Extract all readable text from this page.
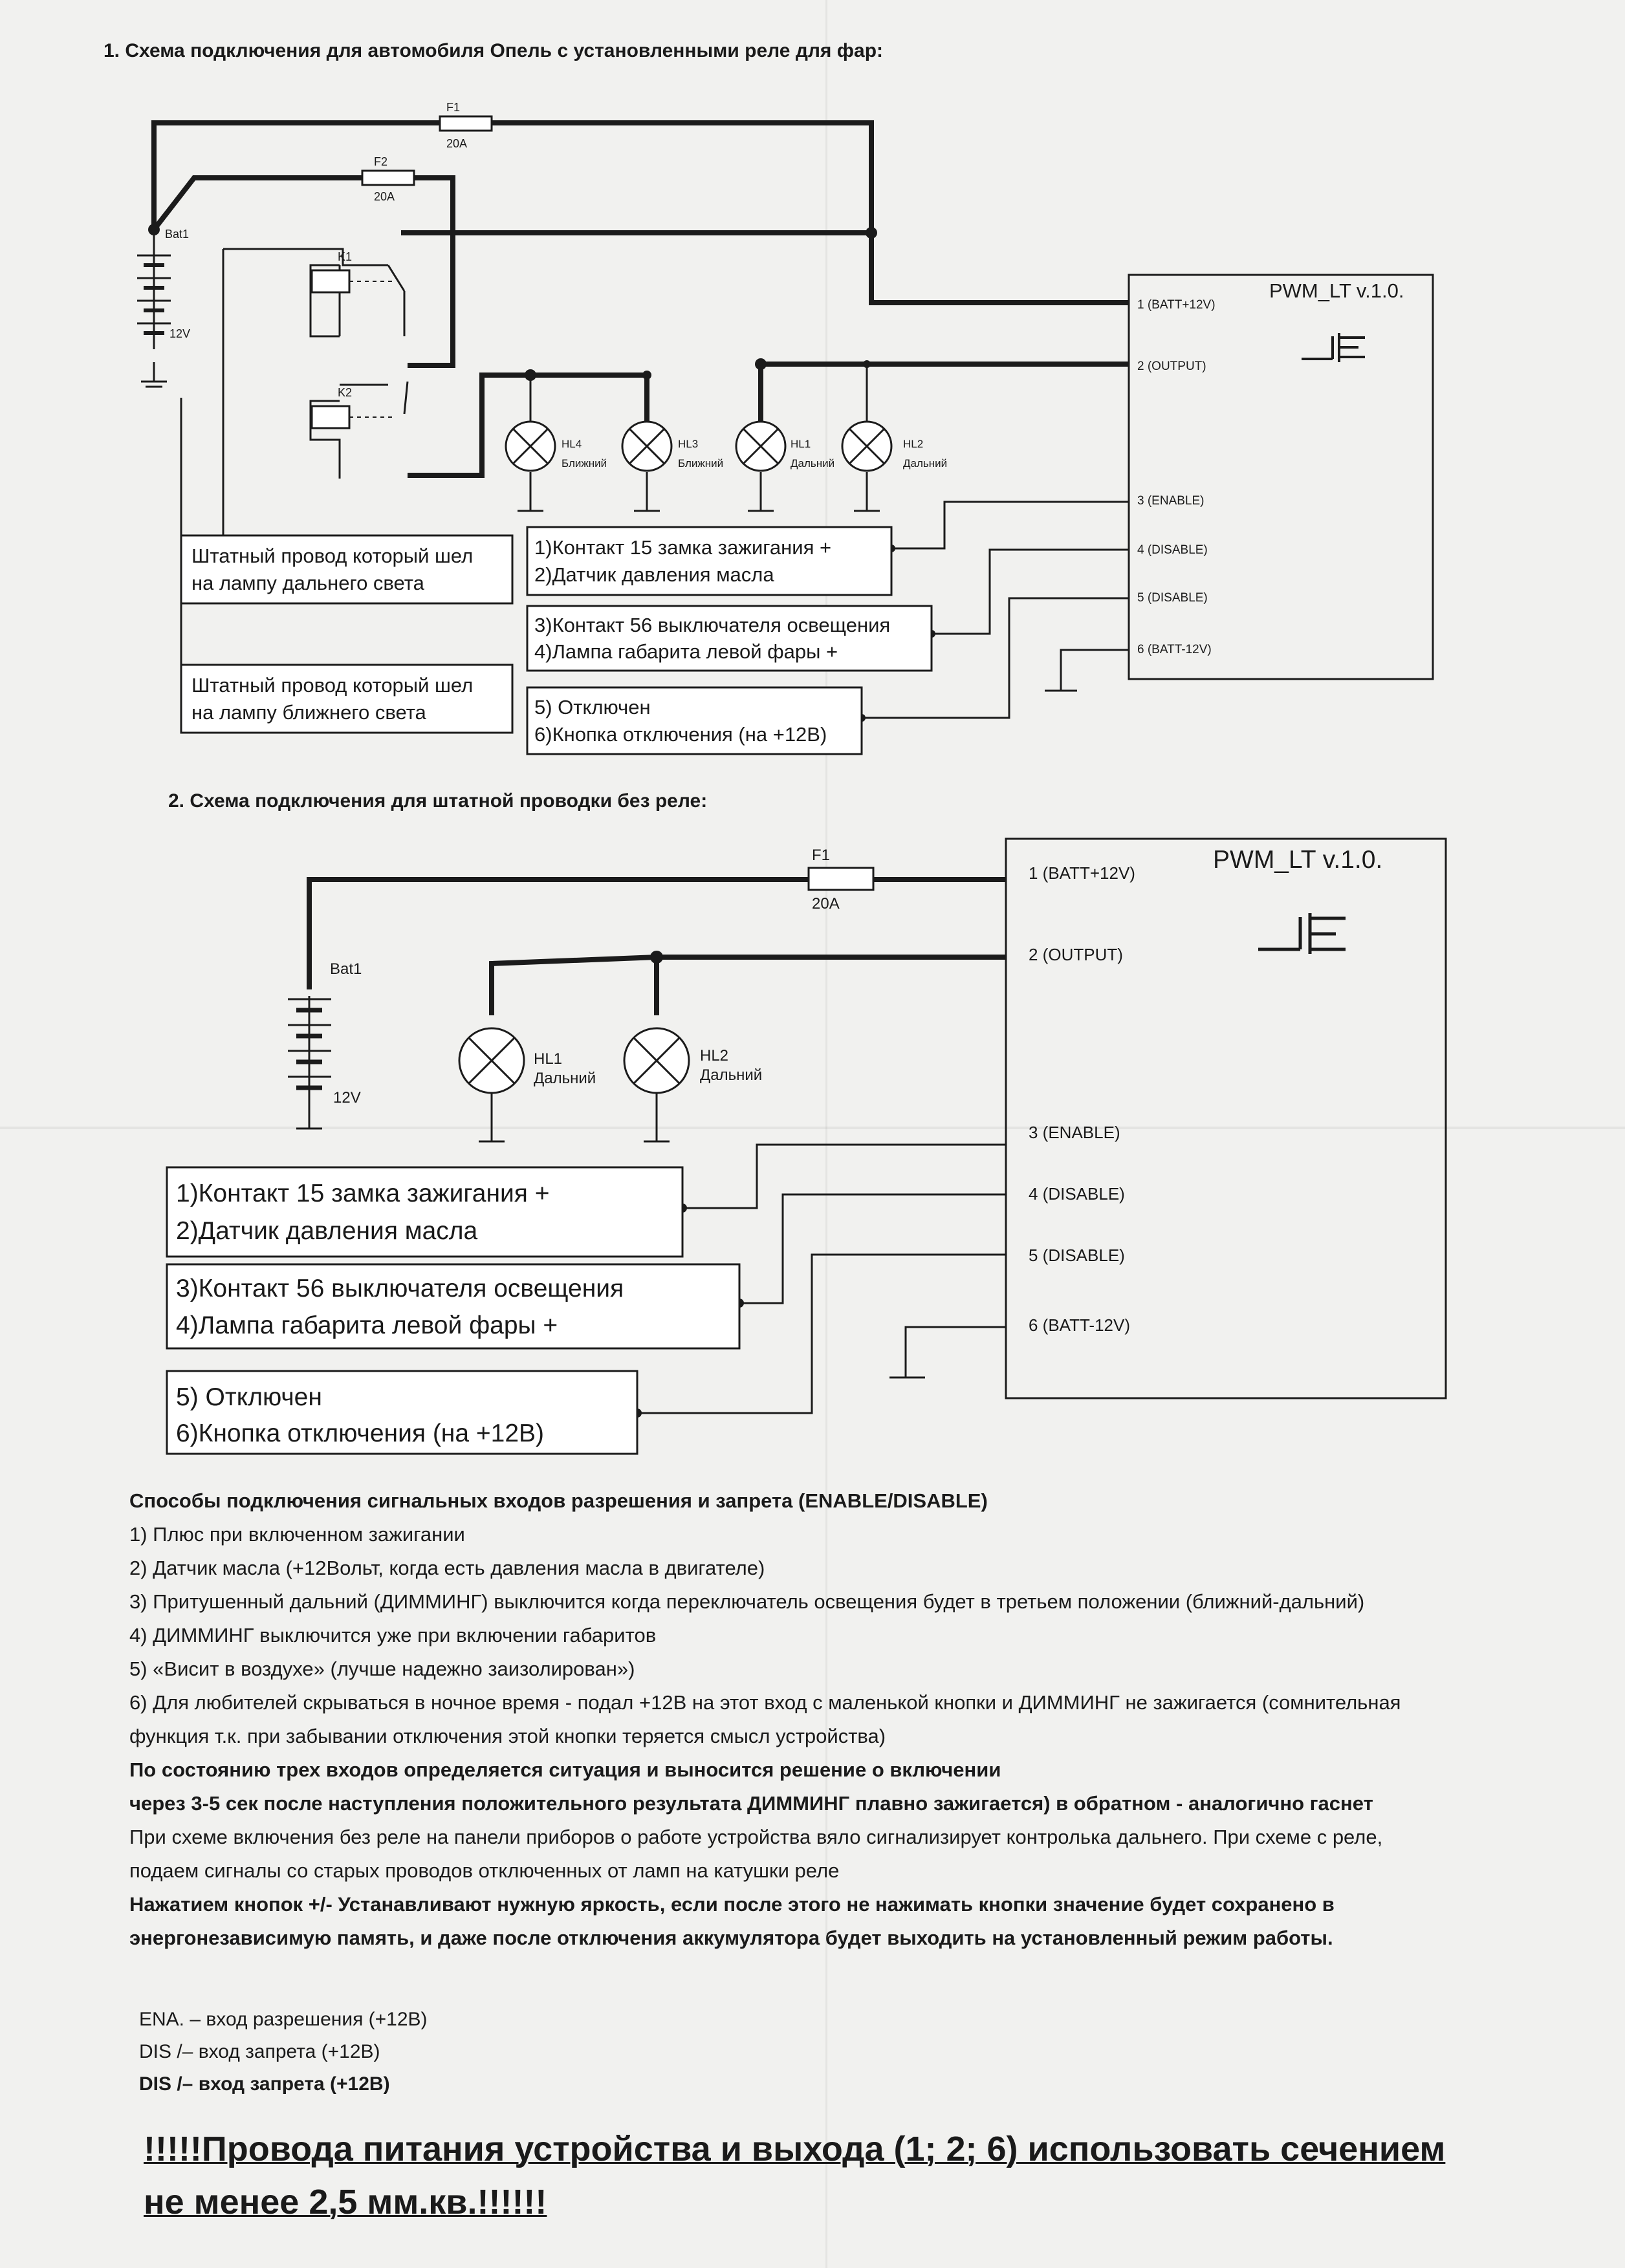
1. Схема подключения для автомобиля Опель с установленными реле для фар:
F1
20A
F2
20A
Bat1
12V
K1
K2
HL4
Ближний
HL3
Ближний
HL1
Дальний
HL2
Дальний
PWM_LT v.1.0.
1 (BATT+12V)
2 (OUTPUT)
3 (ENABLE)
4 (DISABLE)
5 (DISABLE)
6 (BATT-12V)
Штатный провод который шел
на лампу дальнего света
Штатный провод который шел
на лампу ближнего света
1)Контакт 15 замка зажигания +
2)Датчик давления масла
3)Контакт 56 выключателя освещения
4)Лампа габарита левой фары +
5) Отключен
6)Кнопка отключения (на +12В)
2. Схема подключения для штатной проводки без реле:
F1
20A
Bat1
12V
HL1
Дальний
HL2
Дальний
PWM_LT v.1.0.
1 (BATT+12V)
2 (OUTPUT)
3 (ENABLE)
4 (DISABLE)
5 (DISABLE)
6 (BATT-12V)
1)Контакт 15 замка зажигания +
2)Датчик давления масла
3)Контакт 56 выключателя освещения
4)Лампа габарита левой фары +
5) Отключен
6)Кнопка отключения (на +12В)
Способы подключения сигнальных входов разрешения и запрета (ENABLE/DISABLE)
1) Плюс при включенном зажигании
2) Датчик масла (+12Вольт, когда есть давления масла в двигателе)
3) Притушенный дальний (ДИММИНГ) выключится когда переключатель освещения будет в третьем положении (ближний-дальний)
4) ДИММИНГ выключится уже при включении габаритов
5) «Висит в воздухе» (лучше надежно заизолирован»)
6) Для любителей скрываться в ночное время - подал +12В на этот вход с маленькой кнопки и ДИММИНГ не зажигается (сомнительная
функция т.к. при забывании отключения этой кнопки теряется смысл устройства)
По состоянию трех входов определяется ситуация и выносится решение о включении
через 3-5 сек после наступления положительного результата ДИММИНГ плавно зажигается) в обратном - аналогично гаснет
При схеме включения без реле на панели приборов о работе устройства вяло сигнализирует контролька дальнего. При схеме с реле,
подаем сигналы со старых проводов отключенных от ламп на катушки реле
Нажатием кнопок +/- Устанавливают нужную яркость, если после этого не нажимать кнопки значение будет сохранено в
энергонезависимую память, и даже после отключения аккумулятора будет выходить на установленный режим работы.
ENA. – вход разрешения (+12В)
DIS /– вход запрета (+12В)
DIS /– вход запрета (+12В)
!!!!!Провода питания устройства и выхода (1; 2; 6) использовать сечением
не менее 2,5 мм.кв.!!!!!!
